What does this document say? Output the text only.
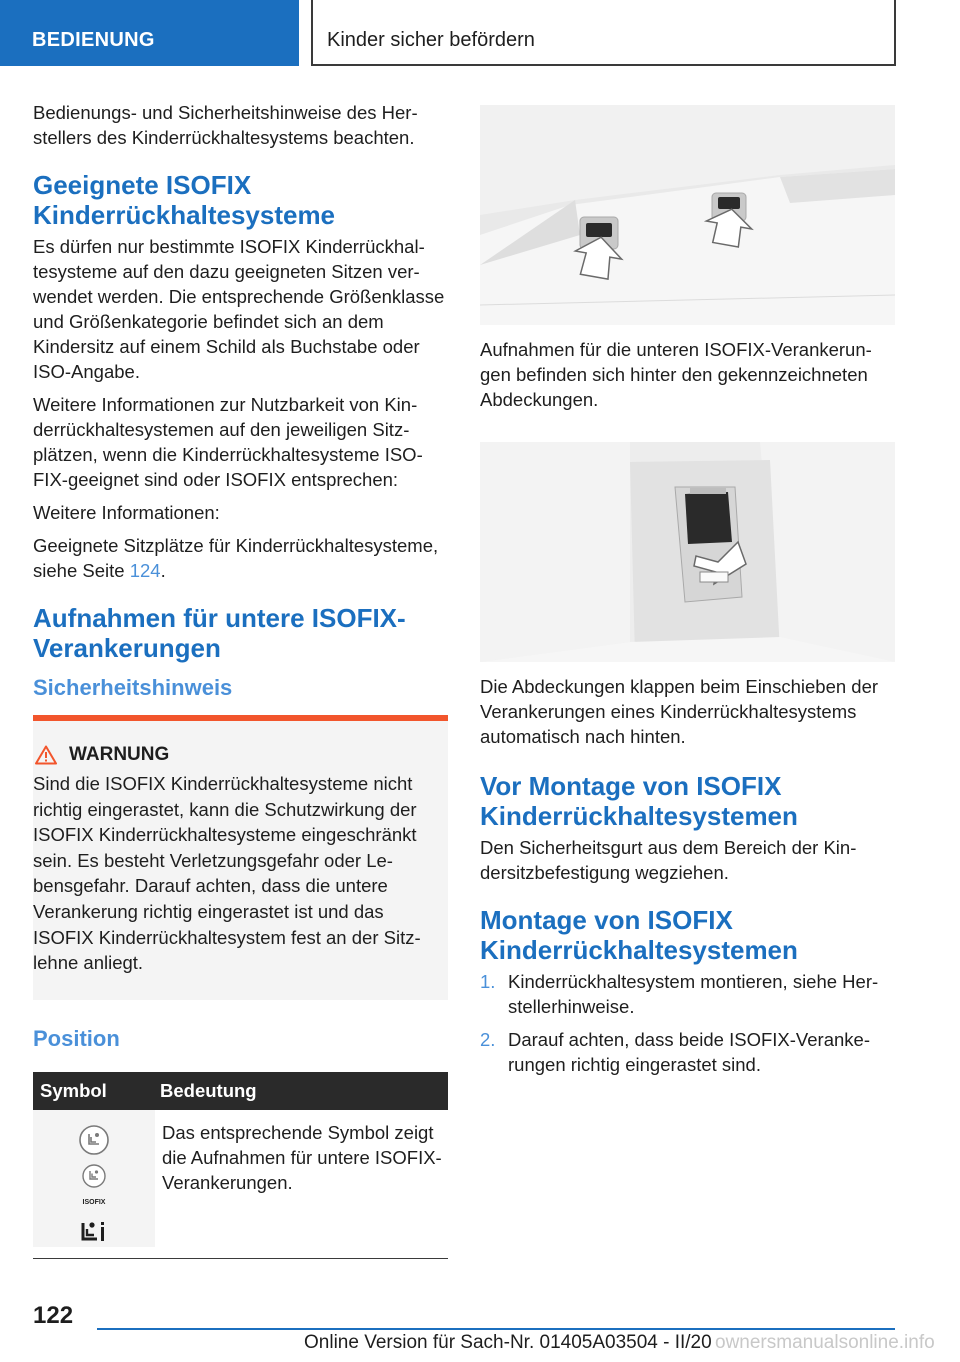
BEDIENUNG	Kinder sicher befördern

Bedienungs- und Sicherheitshinweise des Herstellers des Kinderrückhaltesystems beachten.

Geeignete ISOFIX Kinderrückhaltesysteme

Es dürfen nur bestimmte ISOFIX Kinderrückhaltesysteme auf den dazu geeigneten Sitzen verwendet werden. Die entsprechende Größenklasse und Größenkategorie befindet sich an dem Kindersitz auf einem Schild als Buchstabe oder ISO-Angabe.

Weitere Informationen zur Nutzbarkeit von Kinderrückhaltesystemen auf den jeweiligen Sitzplätzen, wenn die Kinderrückhaltesysteme ISOFIX-geeignet sind oder ISOFIX entsprechen:

Weitere Informationen:

Geeignete Sitzplätze für Kinderrückhaltesysteme, siehe Seite 124.

Aufnahmen für untere ISOFIX-Verankerungen
Sicherheitshinweis
WARNUNG

Sind die ISOFIX Kinderrückhaltesysteme nicht richtig eingerastet, kann die Schutzwirkung der ISOFIX Kinderrückhaltesysteme eingeschränkt sein. Es besteht Verletzungsgefahr oder Lebensgefahr. Darauf achten, dass die untere Verankerung richtig eingerastet ist und das ISOFIX Kinderrückhaltesystem fest an der Sitzlehne anliegt.

Position
Symbol	Bedeutung

ISOFIX	Das entsprechende Symbol zeigt die Aufnahmen für untere ISOFIX-Verankerungen.

Aufnahmen für die unteren ISOFIX-Verankerungen befinden sich hinter den gekennzeichneten Abdeckungen.

Die Abdeckungen klappen beim Einschieben der Verankerungen eines Kinderrückhaltesystems automatisch nach hinten.

Vor Montage von ISOFIX Kinderrückhaltesystemen

Den Sicherheitsgurt aus dem Bereich der Kindersitzbefestigung wegziehen.

Montage von ISOFIX Kinderrückhaltesystemen
1. Kinderrückhaltesystem montieren, siehe Herstellerhinweise.
2. Darauf achten, dass beide ISOFIX-Verankerungen richtig eingerastet sind.
122
Online Version für Sach-Nr. 01405A03504 - II/20 ownersmanualsonline.info
